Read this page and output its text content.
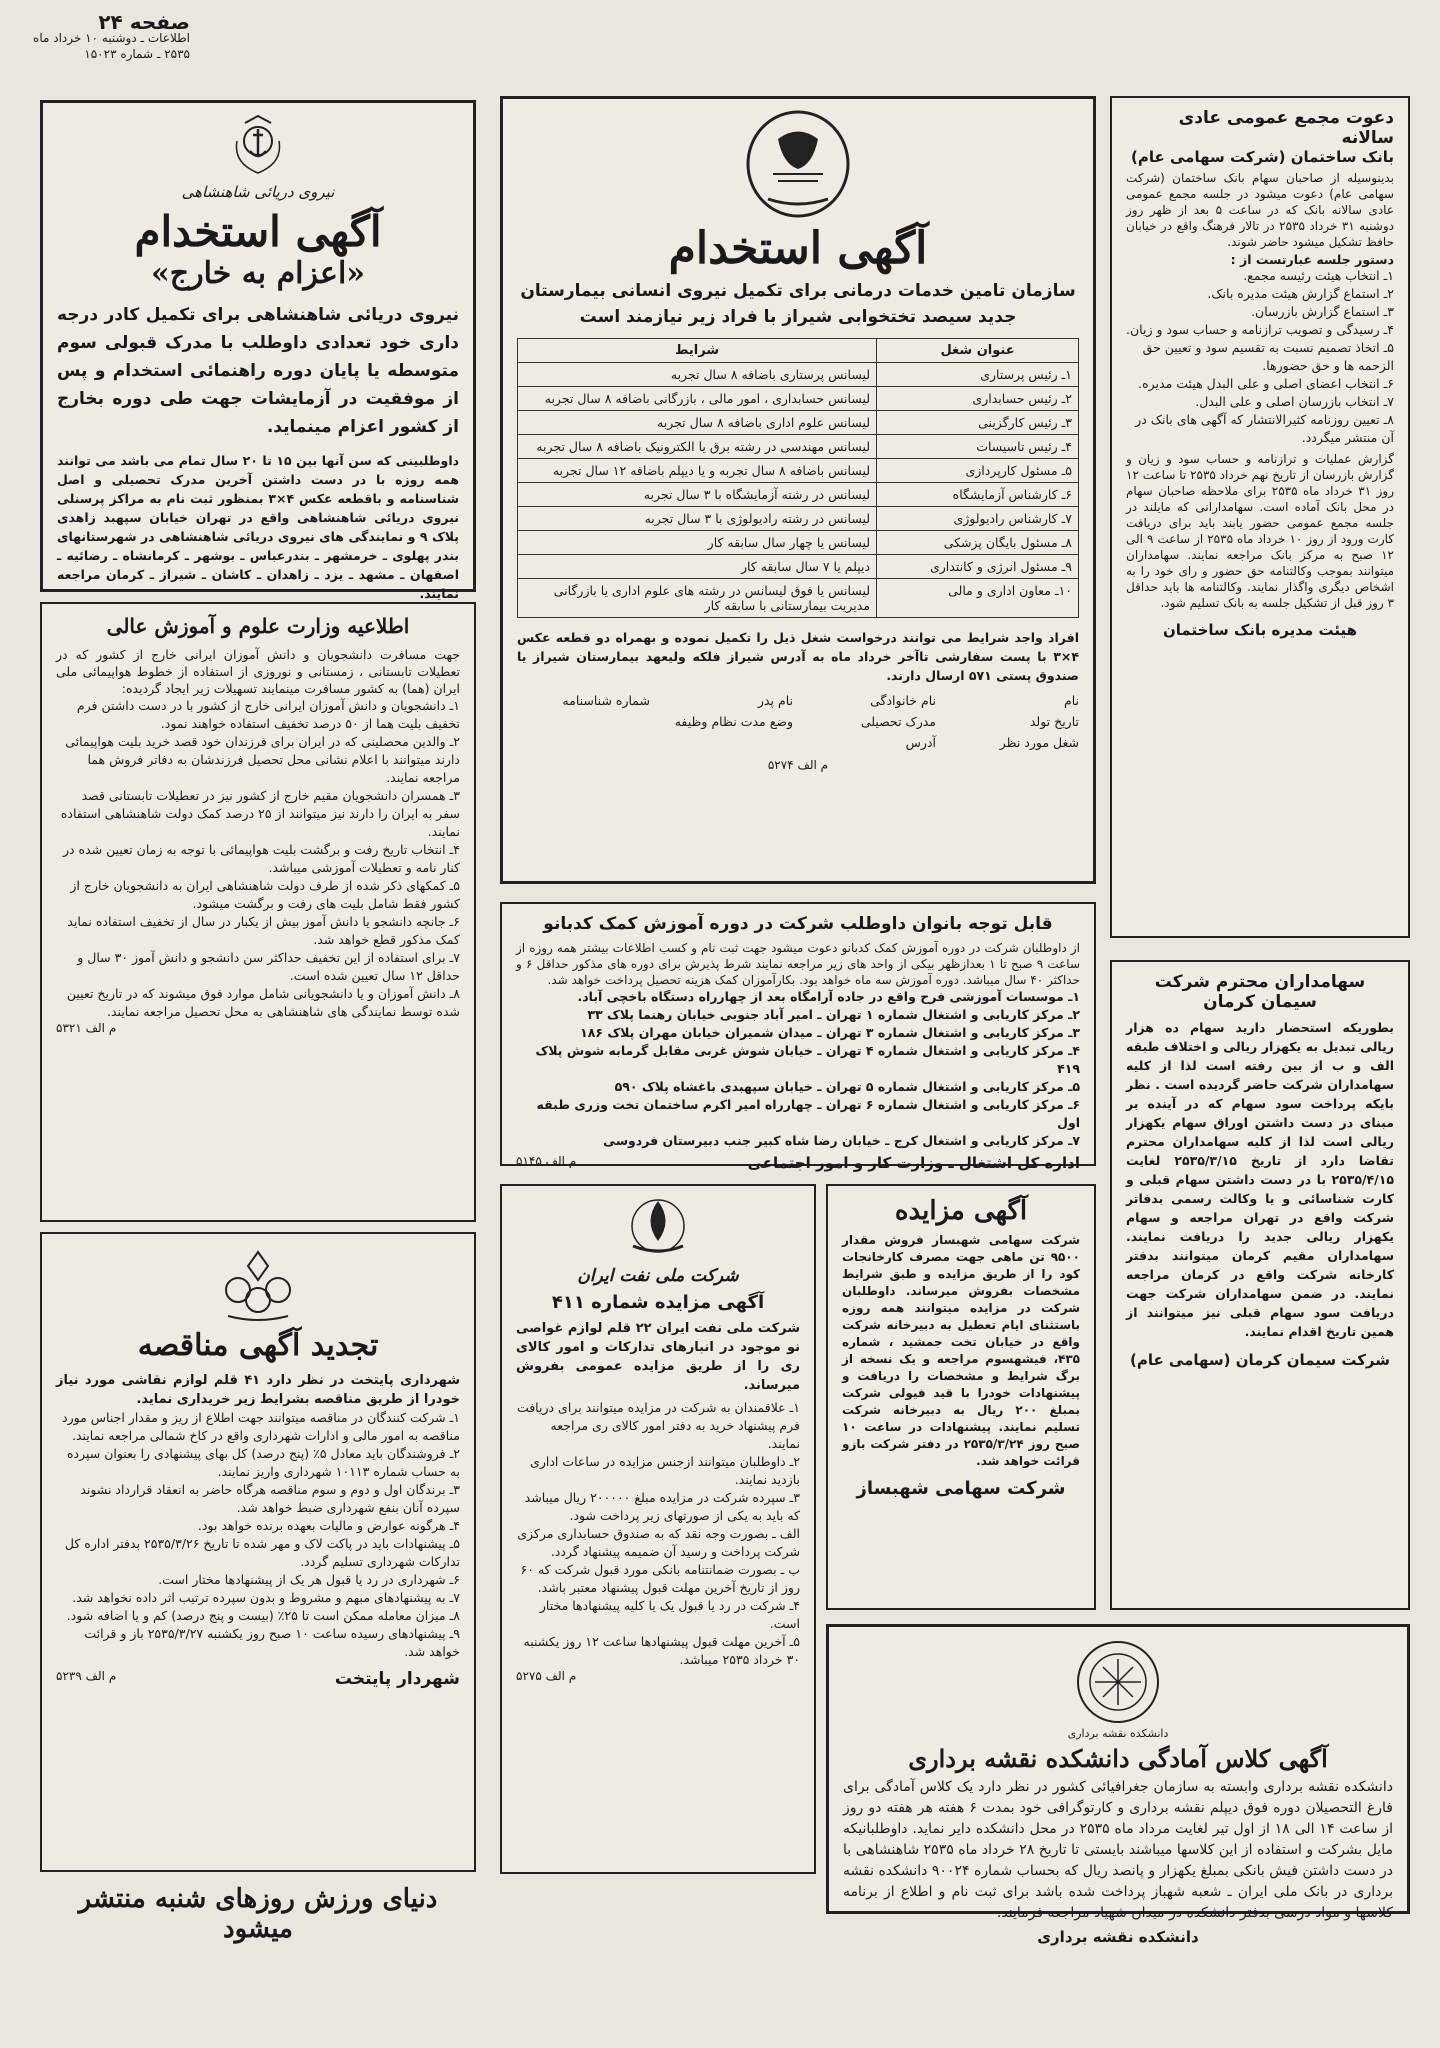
صفحه ۲۴
اطلاعات ـ دوشنبه ۱۰ خرداد ماه
۲۵۳۵ ـ شماره ۱۵۰۲۳
نیروی دریائی شاهنشاهی
آگهی استخدام
«اعزام به خارج»
نیروی دریائی شاهنشاهی برای تکمیل کادر درجه داری خود تعدادی داوطلب با مدرک قبولی سوم متوسطه یا پایان دوره راهنمائی استخدام و پس از موفقیت در آزمایشات جهت طی دوره بخارج از کشور اعزام مینماید.
داوطلبینی که سن آنها بین ۱۵ تا ۲۰ سال تمام می باشد می توانند همه روزه با در دست داشتن آخرین مدرک تحصیلی و اصل شناسنامه و باقطعه عکس ۴×۳ بمنظور ثبت نام به مراکز پرسنلی نیروی دریائی شاهنشاهی واقع در تهران خیابان سپهبد زاهدی پلاک ۹ و نمایندگی های نیروی دریائی شاهنشاهی در شهرستانهای بندر پهلوی ـ خرمشهر ـ بندرعباس ـ بوشهر ـ کرمانشاه ـ رضائیه ـ اصفهان ـ مشهد ـ یزد ـ زاهدان ـ کاشان ـ شیراز ـ کرمان مراجعه نمایند.
اطلاعیه وزارت علوم و آموزش عالی
جهت مسافرت دانشجویان و دانش آموزان ایرانی خارج از کشور که در تعطیلات تابستانی ، زمستانی و نوروزی از استفاده از خطوط هواپیمائی ملی ایران (هما) به کشور مسافرت مینمایند تسهیلات زیر ایجاد گردیده:
۱ـ دانشجویان و دانش آموزان ایرانی خارج از کشور با در دست داشتن فرم تخفیف بلیت هما از ۵۰ درصد تخفیف استفاده خواهند نمود.
۲ـ والدین محصلینی که در ایران برای فرزندان خود قصد خرید بلیت هواپیمائی دارند میتوانند با اعلام نشانی محل تحصیل فرزندشان به دفاتر فروش هما مراجعه نمایند.
۳ـ همسران دانشجویان مقیم خارج از کشور نیز در تعطیلات تابستانی قصد سفر به ایران را دارند نیز میتوانند از ۲۵ درصد کمک دولت شاهنشاهی استفاده نمایند.
۴ـ انتخاب تاریخ رفت و برگشت بلیت هواپیمائی با توجه به زمان تعیین شده در کنار نامه و تعطیلات آموزشی میباشد.
۵ـ کمکهای ذکر شده از طرف دولت شاهنشاهی ایران به دانشجویان خارج از کشور فقط شامل بلیت های رفت و برگشت میشود.
۶ـ جانچه دانشجو یا دانش آموز بیش از یکبار در سال از تخفیف استفاده نماید کمک مذکور قطع خواهد شد.
۷ـ برای استفاده از این تخفیف حداکثر سن دانشجو و دانش آموز ۳۰ سال و حداقل ۱۲ سال تعیین شده است.
۸ـ دانش آموزان و یا دانشجویانی شامل موارد فوق میشوند که در تاریخ تعیین شده توسط نمایندگی های شاهنشاهی به محل تحصیل مراجعه نمایند.
م الف ۵۳۲۱
تجدید آگهی مناقصه
شهرداری پایتخت در نظر دارد ۴۱ قلم لوازم نقاشی مورد نیاز خودرا از طریق مناقصه بشرایط زیر خریداری نماید.
۱ـ شرکت کنندگان در مناقصه میتوانند جهت اطلاع از ریز و مقدار اجناس مورد مناقصه به امور مالی و ادارات شهرداری واقع در کاخ شمالی مراجعه نمایند.
۲ـ فروشندگان باید معادل ۵٪ (پنج درصد) کل بهای پیشنهادی را بعنوان سپرده به حساب شماره ۱۰۱۱۳ شهرداری واریز نمایند.
۳ـ برندگان اول و دوم و سوم مناقصه هرگاه حاضر به انعقاد قرارداد نشوند سپرده آنان بنفع شهرداری ضبط خواهد شد.
۴ـ هرگونه عوارض و مالیات بعهده برنده خواهد بود.
۵ـ پیشنهادات باید در پاکت لاک و مهر شده تا تاریخ ۲۵۳۵/۳/۲۶ بدفتر اداره کل تدارکات شهرداری تسلیم گردد.
۶ـ شهرداری در رد یا قبول هر یک از پیشنهادها مختار است.
۷ـ به پیشنهادهای مبهم و مشروط و بدون سپرده ترتیب اثر داده نخواهد شد.
۸ـ میزان معامله ممکن است تا ۲۵٪ (بیست و پنج درصد) کم و یا اضافه شود.
۹ـ پیشنهادهای رسیده ساعت ۱۰ صبح روز یکشنبه ۲۵۳۵/۳/۲۷ باز و قرائت خواهد شد.
شهردار پایتخت
م الف ۵۲۳۹
دنیای ورزش روزهای شنبه منتشر میشود
آگهی استخدام
سازمان تامین خدمات درمانی برای تکمیل نیروی انسانی بیمارستان جدید سیصد تختخوابی شیراز با فراد زیر نیازمند است
عنوان شغل	شرایط
۱ـ رئیس پرستاری	لیسانس پرستاری باضافه ۸ سال تجربه
۲ـ رئیس حسابداری	لیسانس حسابداری ، امور مالی ، بازرگانی باضافه ۸ سال تجربه
۳ـ رئیس کارگزینی	لیسانس علوم اداری باضافه ۸ سال تجربه
۴ـ رئیس تاسیسات	لیسانس مهندسی در رشته برق یا الکترونیک باضافه ۸ سال تجربه
۵ـ مسئول کارپردازی	لیسانس باضافه ۸ سال تجربه و یا دیپلم باضافه ۱۲ سال تجربه
۶ـ کارشناس آزمایشگاه	لیسانس در رشته آزمایشگاه با ۳ سال تجربه
۷ـ کارشناس رادیولوژی	لیسانس در رشته رادیولوژی با ۳ سال تجربه
۸ـ مسئول بایگان پزشکی	لیسانس یا چهار سال سابقه کار
۹ـ مسئول انرژی و کانتداری	دیپلم یا ۷ سال سابقه کار
۱۰ـ معاون اداری و مالی	لیسانس یا فوق لیسانس در رشته های علوم اداری یا بازرگانی مدیریت بیمارستانی با سابقه کار
افراد واجد شرایط می توانند درخواست شغل ذیل را تکمیل نموده و بهمراه دو قطعه عکس ۴×۳ با پست سفارشی تاآخر خرداد ماه به آدرس شیراز فلکه ولیعهد بیمارستان شیراز یا صندوق پستی ۵۷۱ ارسال دارند.
نام
نام خانوادگی
نام پدر
شماره شناسنامه
تاریخ تولد
مدرک تحصیلی
وضع مدت نظام وظیفه
شغل مورد نظر
آدرس
م الف ۵۲۷۴
قابل توجه بانوان داوطلب شرکت در دوره آموزش کمک کدبانو
از داوطلبان شرکت در دوره آموزش کمک کدبانو دعوت میشود جهت ثبت نام و کسب اطلاعات بیشتر همه روزه از ساعت ۹ صبح تا ۱ بعدازظهر بیکی از واحد های زیر مراجعه نمایند شرط پذیرش برای دوره های مذکور حداقل ۶ و حداکثر ۴۰ سال میباشد. دوره آموزش سه ماه خواهد بود. بکارآموزان کمک هزینه تحصیل پرداخت خواهد شد.
۱ـ موسسات آموزشی فرح واقع در جاده آرامگاه بعد از چهارراه دستگاه باخچی آباد.
۲ـ مرکز کاریابی و اشتغال شماره ۱ تهران ـ امیر آباد جنوبی خیابان رهنما پلاک ۳۳
۳ـ مرکز کاریابی و اشتغال شماره ۳ تهران ـ میدان شمیران خیابان مهران پلاک ۱۸۶
۴ـ مرکز کاریابی و اشتغال شماره ۴ تهران ـ خیابان شوش غربی مقابل گرمابه شوش پلاک ۴۱۹
۵ـ مرکز کاریابی و اشتغال شماره ۵ تهران ـ خیابان سپهبدی باغشاه پلاک ۵۹۰
۶ـ مرکز کاریابی و اشتغال شماره ۶ تهران ـ چهارراه امیر اکرم ساختمان تخت وزری طبقه اول
۷ـ مرکز کاریابی و اشتغال کرج ـ خیابان رضا شاه کبیر جنب دبیرستان فردوسی
اداره کل اشتغال ـ وزارت کار و امور اجتماعی
م الف ۵۱۴۵
شرکت ملی نفت ایران
آگهی مزایده شماره ۴۱۱
شرکت ملی نفت ایران ۲۲ قلم لوازم غواصی نو موجود در انبارهای تدارکات و امور کالای ری را از طریق مزایده عمومی بفروش میرساند.
۱ـ علاقمندان به شرکت در مزایده میتوانند برای دریافت فرم پیشنهاد خرید به دفتر امور کالای ری مراجعه نمایند.
۲ـ داوطلبان میتوانند ازجنس مزایده در ساعات اداری بازدید نمایند.
۳ـ سپرده شرکت در مزایده مبلغ ۲۰۰۰۰۰ ریال میباشد که باید به یکی از صورتهای زیر پرداخت شود.
الف ـ بصورت وجه نقد که به صندوق حسابداری مرکزی شرکت پرداخت و رسید آن ضمیمه پیشنهاد گردد.
ب ـ بصورت ضمانتنامه بانکی مورد قبول شرکت که ۶۰ روز از تاریخ آخرین مهلت قبول پیشنهاد معتبر باشد.
۴ـ شرکت در رد یا قبول یک یا کلیه پیشنهادها مختار است.
۵ـ آخرین مهلت قبول پیشنهادها ساعت ۱۲ روز یکشنبه ۳۰ خرداد ۲۵۳۵ میباشد.
م الف ۵۲۷۵
آگهی مزایده
شرکت سهامی شهبسار فروش مقدار ۹۵۰۰ تن ماهی جهت مصرف کارخانجات کود را از طریق مزایده و طبق شرایط مشخصات بفروش میرساند. داوطلبان شرکت در مزایده میتوانند همه روزه باستثنای ایام تعطیل به دبیرخانه شرکت واقع در خیابان تخت جمشید ، شماره ۴۳۵، فیشهسوم مراجعه و یک نسخه از برگ شرایط و مشخصات را دریافت و پیشنهادات خودرا با قید فیولی شرکت بمبلغ ۲۰۰ ریال به دبیرخانه شرکت تسلیم نمایند. پیشنهادات در ساعت ۱۰ صبح روز ۲۵۳۵/۳/۲۴ در دفتر شرکت بازو قرائت خواهد شد.
شرکت سهامی شهبساز
دعوت مجمع عمومی عادی سالانه
بانک ساختمان (شرکت سهامی عام)
بدینوسیله از صاحبان سهام بانک ساختمان (شرکت سهامی عام) دعوت میشود در جلسه مجمع عمومی عادی سالانه بانک که در ساعت ۵ بعد از ظهر روز دوشنبه ۳۱ خرداد ۲۵۳۵ در تالار فرهنگ واقع در خیابان حافظ تشکیل میشود حاضر شوند.
دستور جلسه عبارتست از :
۱ـ انتخاب هیئت رئیسه مجمع.
۲ـ استماع گزارش هیئت مدیره بانک.
۳ـ استماع گزارش بازرسان.
۴ـ رسیدگی و تصویب ترازنامه و حساب سود و زیان.
۵ـ اتخاذ تصمیم نسبت به تقسیم سود و تعیین حق الزحمه ها و حق حضورها.
۶ـ انتخاب اعضای اصلی و علی البدل هیئت مدیره.
۷ـ انتخاب بازرسان اصلی و علی البدل.
۸ـ تعیین روزنامه کثیرالانتشار که آگهی های بانک در آن منتشر میگردد.
گزارش عملیات و ترازنامه و حساب سود و زیان و گزارش بازرسان از تاریخ نهم خرداد ۲۵۳۵ تا ساعت ۱۲ روز ۳۱ خرداد ماه ۲۵۳۵ برای ملاحظه صاحبان سهام در محل بانک آماده است. سهامدارانی که مایلند در جلسه مجمع عمومی حضور یابند باید برای دریافت کارت ورود از روز ۱۰ خرداد ماه ۲۵۳۵ از ساعت ۹ الی ۱۲ صبح به مرکز بانک مراجعه نمایند. سهامداران میتوانند بموجب وکالتنامه حق حضور و رای خود را به اشخاص دیگری واگذار نمایند. وکالتنامه ها باید حداقل ۳ روز قبل از تشکیل جلسه به بانک تسلیم شود.
هیئت مدیره بانک ساختمان
سهامداران محترم شرکت سیمان کرمان
بطوریکه استحضار دارید سهام ده هزار ریالی تبدیل به یکهزار ریالی و اختلاف طبقه الف و ب از بین رفته است لذا از کلیه سهامداران شرکت حاضر گردیده است . نظر بایکه پرداخت سود سهام که در آینده بر مبنای در دست داشتن اوراق سهام یکهزار ریالی است لذا از کلیه سهامداران محترم تقاضا دارد از تاریخ ۲۵۳۵/۳/۱۵ لغایت ۲۵۳۵/۴/۱۵ با در دست داشتن سهام قبلی و کارت شناسائی و یا وکالت رسمی بدفاتر شرکت واقع در تهران مراجعه و سهام یکهزار ریالی جدید را دریافت نمایند. سهامداران مقیم کرمان میتوانند بدفتر کارخانه شرکت واقع در کرمان مراجعه نمایند. در ضمن سهامداران شرکت جهت دریافت سود سهام قبلی نیز میتوانند از همین تاریخ اقدام نمایند.
شرکت سیمان کرمان (سهامی عام)
دانشکده نقشه برداری
آگهی کلاس آمادگی دانشکده نقشه برداری
دانشکده نقشه برداری وابسته به سازمان جغرافیائی کشور در نظر دارد یک کلاس آمادگی برای فارغ التحصیلان دوره فوق دیپلم نقشه برداری و کارتوگرافی خود بمدت ۶ هفته هر هفته دو روز از ساعت ۱۴ الی ۱۸ از اول تیر لغایت مرداد ماه ۲۵۳۵ در محل دانشکده دایر نماید. داوطلبانیکه مایل بشرکت و استفاده از این کلاسها میباشند بایستی تا تاریخ ۲۸ خرداد ماه ۲۵۳۵ شاهنشاهی با در دست داشتن فیش بانکی بمبلغ یکهزار و پانصد ریال که بحساب شماره ۹۰۰۲۴ دانشکده نقشه برداری در بانک ملی ایران ـ شعبه شهباز پرداخت شده باشد برای ثبت نام و اطلاع از برنامه کلاسها و مواد درسی بدفتر دانشکده در میدان شهیاد مراجعه فرمایند.
دانشکده نقشه برداری
